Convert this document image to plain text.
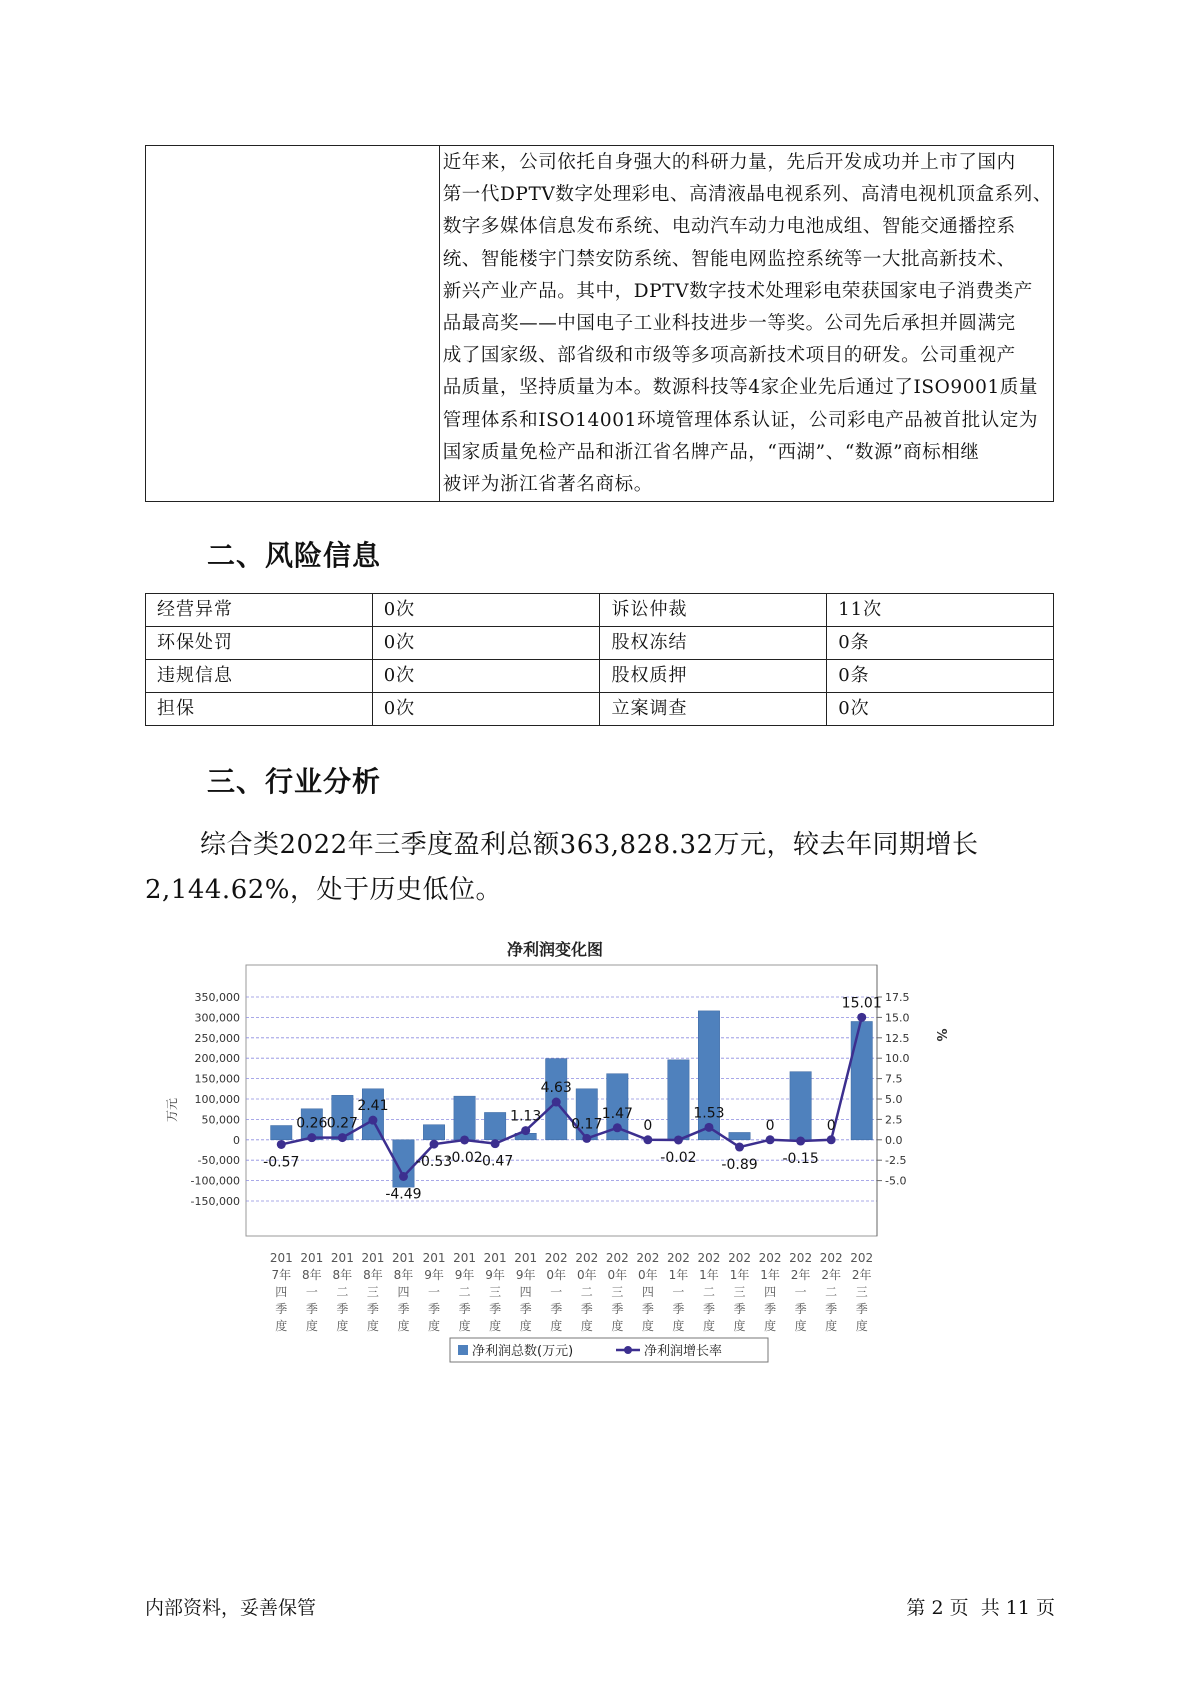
近年来，公司依托自身强大的科研力量，先后开发成功并上市了国内
第一代DPTV数字处理彩电、高清液晶电视系列、高清电视机顶盒系列、
数字多媒体信息发布系统、电动汽车动力电池成组、智能交通播控系
统、智能楼宇门禁安防系统、智能电网监控系统等一大批高新技术、
新兴产业产品。其中，DPTV数字技术处理彩电荣获国家电子消费类产
品最高奖——中国电子工业科技进步一等奖。公司先后承担并圆满完
成了国家级、部省级和市级等多项高新技术项目的研发。公司重视产
品质量，坚持质量为本。数源科技等4家企业先后通过了ISO9001质量
管理体系和ISO14001环境管理体系认证，公司彩电产品被首批认定为
国家质量免检产品和浙江省名牌产品，“西湖”、“数源”商标相继
被评为浙江省著名商标。
二、风险信息
经营异常	0次	诉讼仲裁	11次
环保处罚	0次	股权冻结	0条
违规信息	0次	股权质押	0条
担保	0次	立案调查	0次
三、行业分析
综合类2022年三季度盈利总额363,828.32万元，较去年同期增长
2,144.62%，处于历史低位。
净利润变化图
350,000
300,000
250,000
200,000
150,000
100,000
50,000
0
-50,000
-100,000
-150,000
17.5
15.0
12.5
10.0
7.5
5.0
2.5
0.0
-2.5
-5.0
万元
%
201
7年
四
季
度
201
8年
一
季
度
201
8年
二
季
度
201
8年
三
季
度
201
8年
四
季
度
201
9年
一
季
度
201
9年
二
季
度
201
9年
三
季
度
201
9年
四
季
度
202
0年
一
季
度
202
0年
二
季
度
202
0年
三
季
度
202
0年
四
季
度
202
1年
一
季
度
202
1年
二
季
度
202
1年
三
季
度
202
1年
四
季
度
202
2年
一
季
度
202
2年
二
季
度
202
2年
三
季
度
-0.57
0.26 0.27
2.41
-4.49
-0.53
-0.02
-0.47
1.13
4.63
0.17
1.47
0
-0.02
1.53
-0.89
0
-0.15
0
15.01
净利润总数(万元)	净利润增长率
内部资料，妥善保管	第 2 页  共 11 页
